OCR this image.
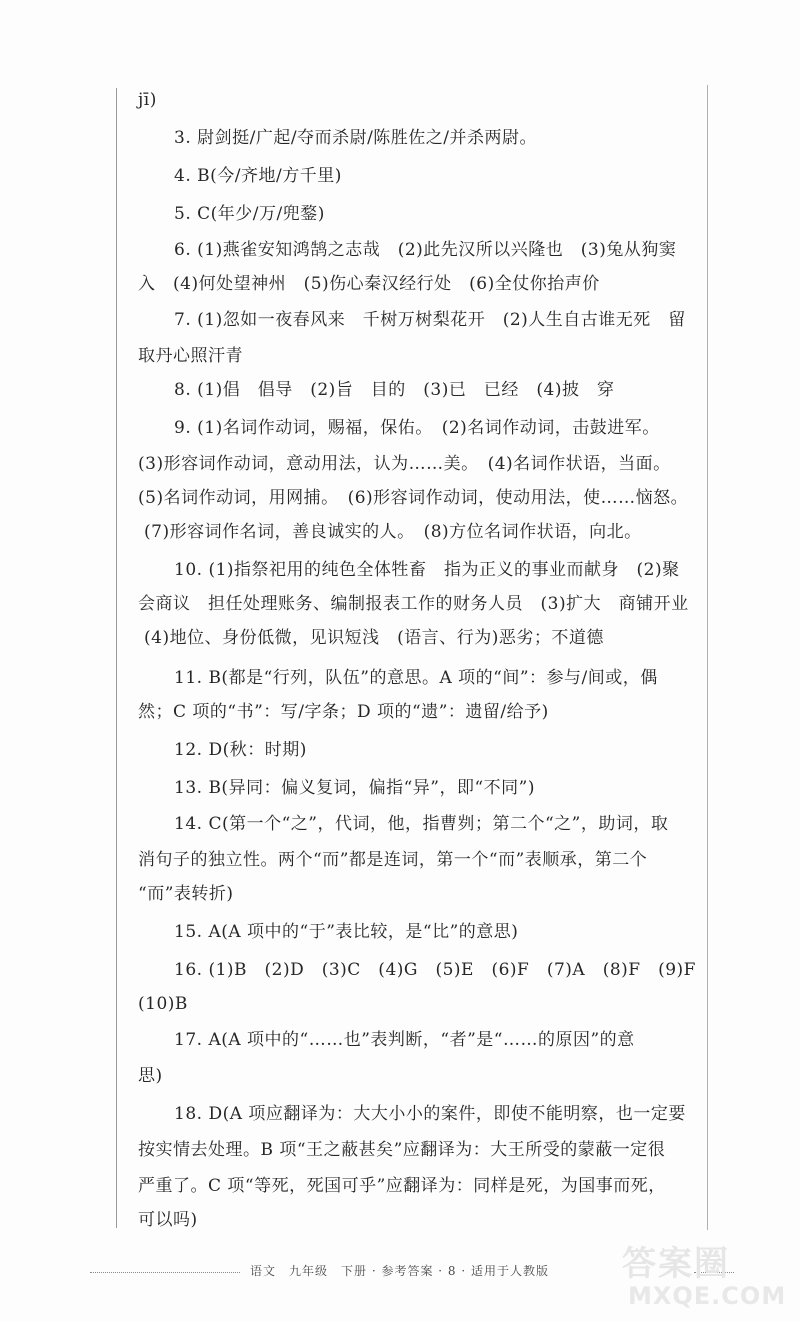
jī)
3. 尉剑挺/广起/夺而杀尉/陈胜佐之/并杀两尉。
4. B(今/齐地/方千里)
5. C(年少/万/兜鍪)
6. (1)燕雀安知鸿鹄之志哉　(2)此先汉所以兴隆也　(3)兔从狗窦
入　(4)何处望神州　(5)伤心秦汉经行处　(6)全仗你抬声价
7. (1)忽如一夜春风来　千树万树梨花开　(2)人生自古谁无死　留
取丹心照汗青
8. (1)倡　倡导　(2)旨　目的　(3)已　已经　(4)披　穿
9. (1)名词作动词，赐福，保佑。　(2)名词作动词，击鼓进军。
(3)形容词作动词，意动用法，认为……美。　(4)名词作状语，当面。
(5)名词作动词，用网捕。　(6)形容词作动词，使动用法，使……恼怒。
(7)形容词作名词，善良诚实的人。　(8)方位名词作状语，向北。
10. (1)指祭祀用的纯色全体牲畜　指为正义的事业而献身　(2)聚
会商议　担任处理账务、编制报表工作的财务人员　(3)扩大　商铺开业
(4)地位、身份低微，见识短浅　(语言、行为)恶劣；不道德
11. B(都是“行列，队伍”的意思。A 项的“间”：参与/间或，偶
然；C 项的“书”：写/字条；D 项的“遗”：遗留/给予)
12. D(秋：时期)
13. B(异同：偏义复词，偏指“异”，即“不同”)
14. C(第一个“之”，代词，他，指曹刿；第二个“之”，助词，取
消句子的独立性。两个“而”都是连词，第一个“而”表顺承，第二个
“而”表转折)
15. A(A 项中的“于”表比较，是“比”的意思)
16. (1)B　(2)D　(3)C　(4)G　(5)E　(6)F　(7)A　(8)F　(9)F
(10)B
17. A(A 项中的“……也”表判断，“者”是“……的原因”的意
思)
18. D(A 项应翻译为：大大小小的案件，即使不能明察，也一定要
按实情去处理。B 项“王之蔽甚矣”应翻译为：大王所受的蒙蔽一定很
严重了。C 项“等死，死国可乎”应翻译为：同样是死，为国事而死，
可以吗)
语文　九年级　下册 · 参考答案 · 8 · 适用于人教版 答案圈
MXQE.COM
